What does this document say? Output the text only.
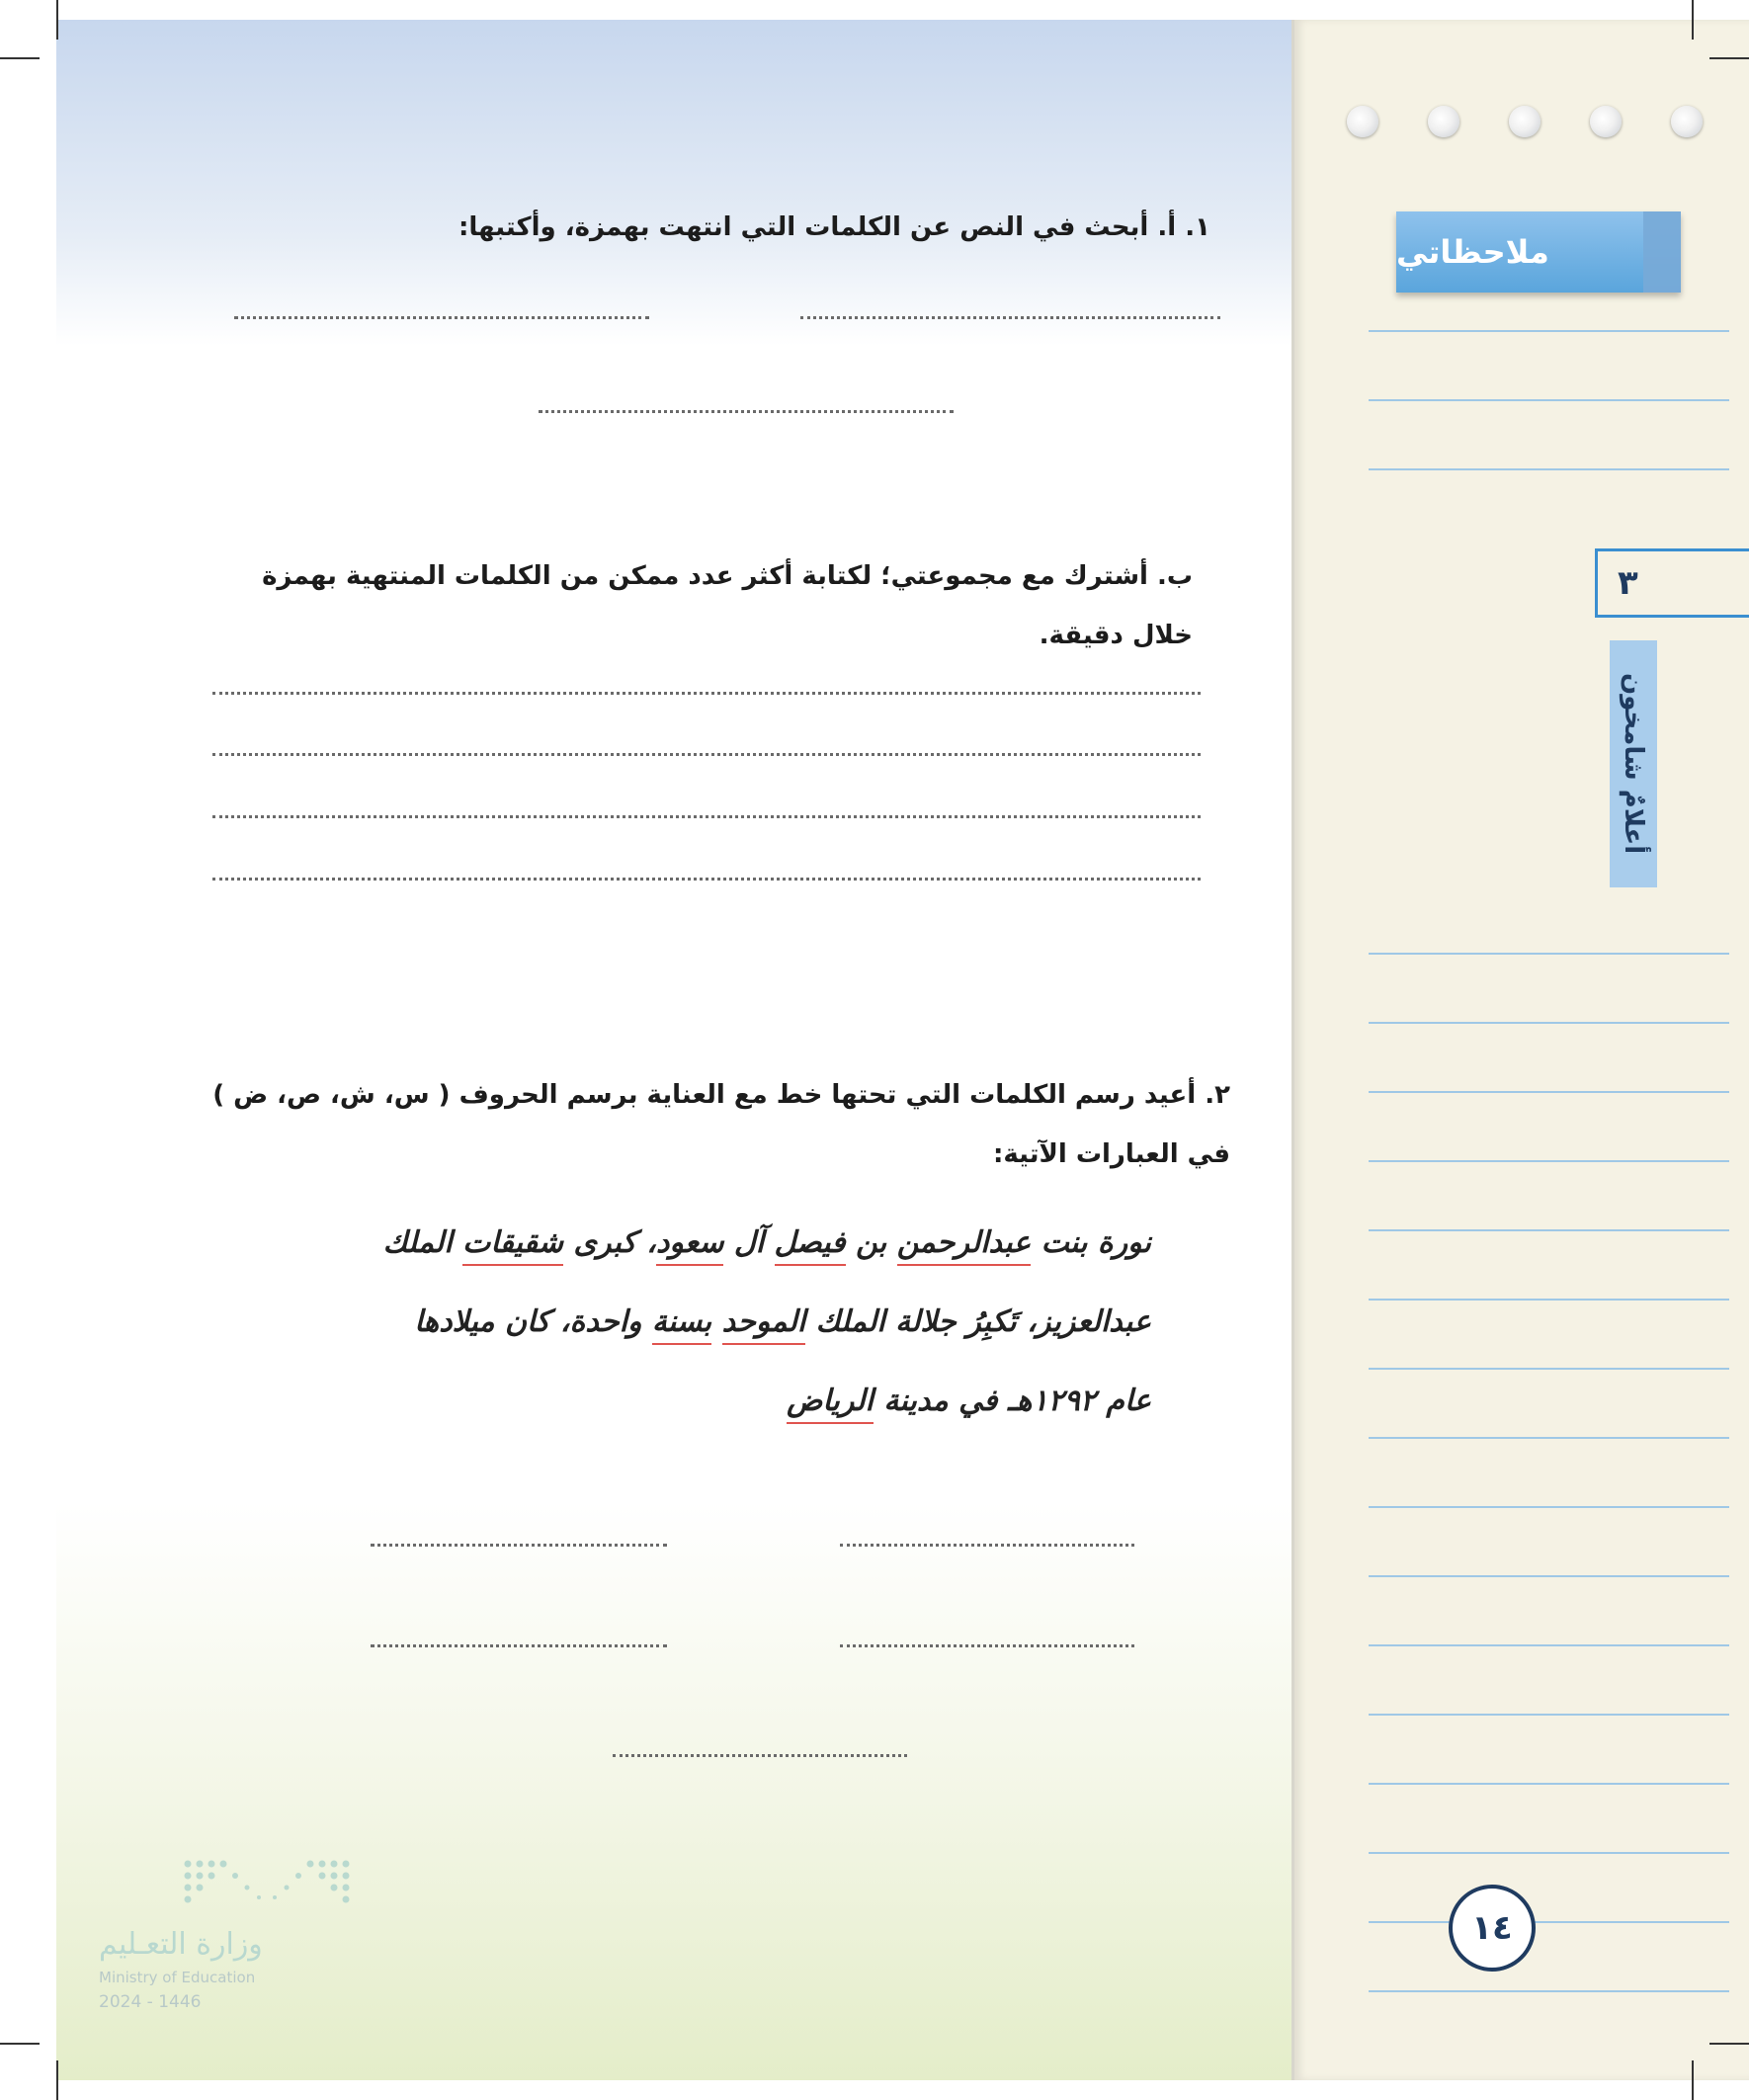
ملاحظاتي
٣
أعلامٌ شامخون
١٤
١. أ. أبحث في النص عن الكلمات التي انتهت بهمزة، وأكتبها:
ب. أشترك مع مجموعتي؛ لكتابة أكثر عدد ممكن من الكلمات المنتهية بهمزة
خلال دقيقة.
٢. أعيد رسم الكلمات التي تحتها خط مع العناية برسم الحروف ( س، ش، ص، ض )
في العبارات الآتية:
نورة بنت عبدالرحمن بن فيصل آل سعود، كبرى شقيقات الملك
عبدالعزيز، تَكبِرُ جلالة الملك الموحد بسنة واحدة، كان ميلادها
عام ١٢٩٢هـ في مدينة الرياض
وزارة التعـليم
Ministry of Education
2024 - 1446
